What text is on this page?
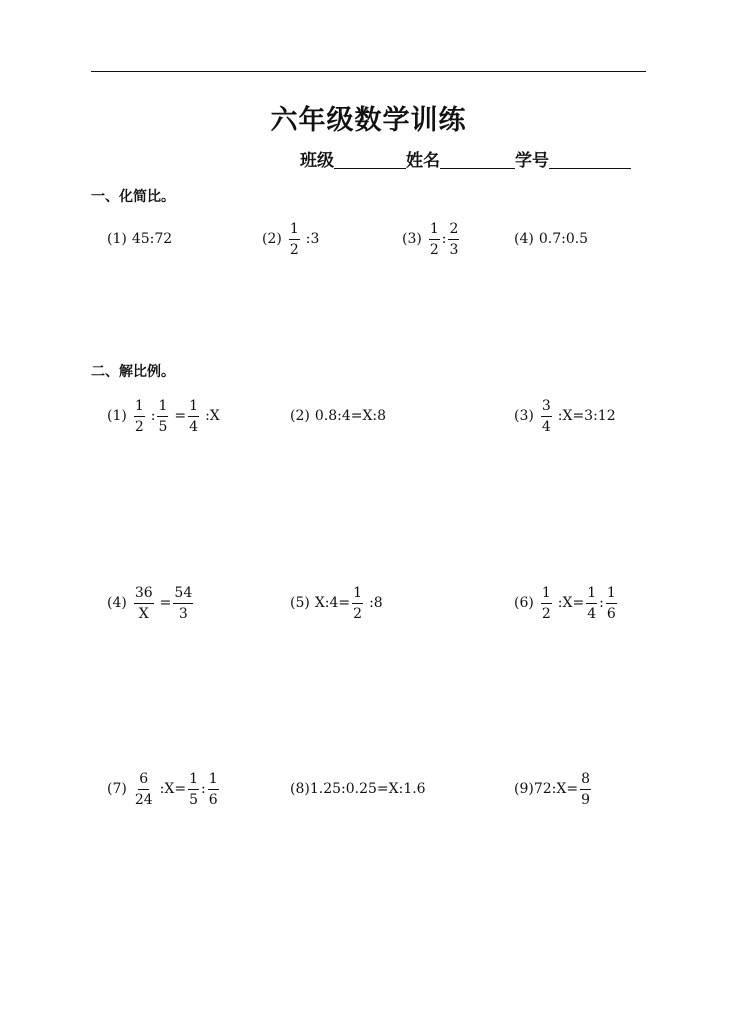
六年级数学训练
班级	姓名	学号
一、化简比。
(1) 45:72	$(2) \frac{1}{2}$ :3	$(3) \frac{1}{2}$ : $\frac{2}{3}$	(4) 0.7:0.5
二、解比例。
$(1) \frac{1}{2}$ : $\frac{1}{5} = \frac{1}{4}$ :X	(2) 0.8:4=X:8	$(3) \frac{3}{4}$ :X=3:12
$(4) \frac{36}{X} = \frac{54}{3}$	(5) X:4= $\frac{1}{2}$ :8	$(6) \frac{1}{2}$ :X= $\frac{1}{4}$ : $\frac{1}{6}$
$(7) \frac{6}{24}$ :X= $\frac{1}{5}$ : $\frac{1}{6}$	(8) 1.25:0.25=X:1.6	(9) 72:X= $\frac{8}{9}$
